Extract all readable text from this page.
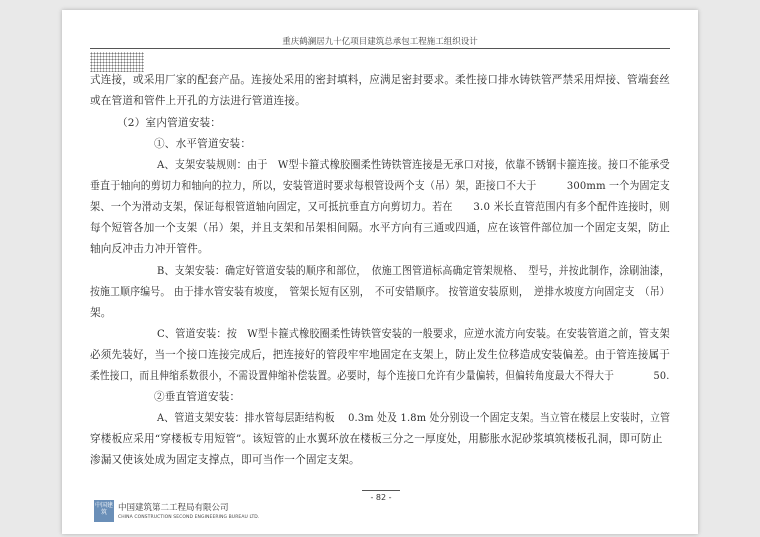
重庆鹤澜居九十亿项目建筑总承包工程施工组织设计
式连接，或采用厂家的配套产品。连接处采用的密封填料，应满足密封要求。柔性接口排水铸铁管严禁采用焊接、管端套丝
或在管道和管件上开孔的方法进行管道连接。
（2）室内管道安装：
①、水平管道安装：
A、支架安装规则：由于　W型卡箍式橡胶圈柔性铸铁管连接是无承口对接，依靠不锈钢卡箍连接。接口不能承受
垂直于轴向的剪切力和轴向的拉力，所以，安装管道时要求每根管设两个支（吊）架，距接口不大于　　　300mm 一个为固定支
架、一个为滑动支架，保证每根管道轴向固定，又可抵抗垂直方向剪切力。若在　　3.0 米长直管范围内有多个配件连接时，则
每个短管各加一个支架（吊）架，并且支架和吊架相间隔。水平方向有三通或四通，应在该管件部位加一个固定支架，防止
轴向反冲击力冲开管件。
B、支架安装：确定好管道安装的顺序和部位，　依施工图管道标高确定管架规格、　型号，并按此制作，涂刷油漆，
按施工顺序编号。 由于排水管安装有坡度，　管架长短有区别，　不可安错顺序。 按管道安装原则，　逆排水坡度方向固定支　（吊）
架。
C、管道安装：按　W型卡箍式橡胶圈柔性铸铁管安装的一般要求，应逆水流方向安装。在安装管道之前，管支架
必须先装好，当一个接口连接完成后，把连接好的管段牢牢地固定在支架上，防止发生位移造成安装偏差。由于管连接属于
柔性接口，而且伸缩系数很小，不需设置伸缩补偿装置。必要时，每个连接口允许有少量偏转，但偏转角度最大不得大于　　　　50.
②垂直管道安装：
A、管道支架安装：排水管每层距结构板　 0.3m 处及 1.8m 处分别设一个固定支架。当立管在楼层上安装时，立管
穿楼板应采用“穿楼板专用短管”。该短管的止水翼环放在楼板三分之一厚度处，用膨胀水泥砂浆填筑楼板孔洞，即可防止
渗漏又使该处成为固定支撑点，即可当作一个固定支架。
- 82 -
中国建筑	中国建筑第二工程局有限公司
CHINA CONSTRUCTION SECOND ENGINEERING BUREAU LTD.
